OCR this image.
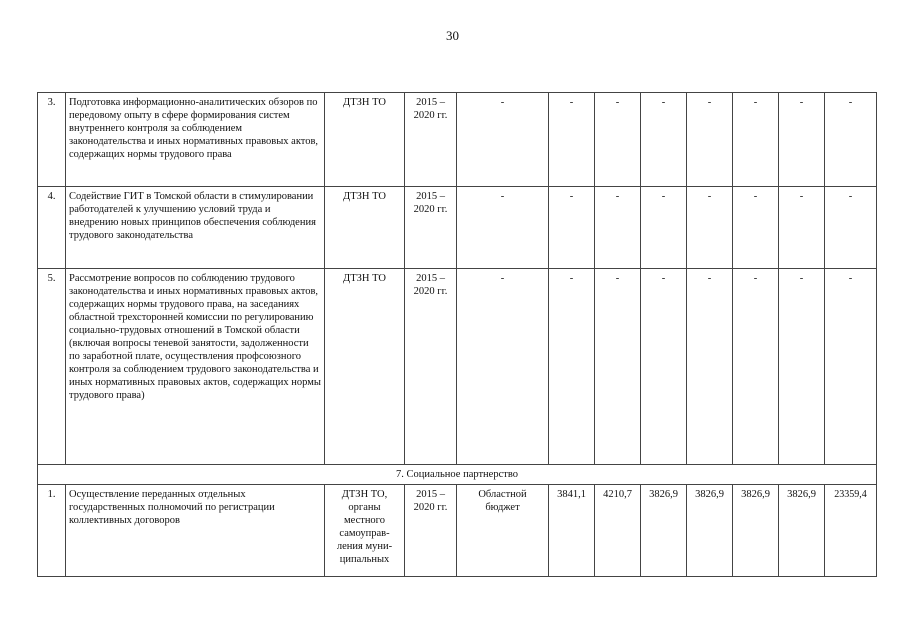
30
3.	Подготовка информационно-аналитических обзоров по передовому опыту в сфере формирования систем внутреннего контроля за соблюдением законодательства и иных нормативных правовых актов, содержащих нормы трудового права	ДТЗН ТО	2015 –
2020 гг.	-	-	-	-	-	-	-	-
4.	Содействие ГИТ в Томской области в стимулировании работодателей к улучшению условий труда и внедрению новых принципов обеспечения соблюдения трудового законодательства	ДТЗН ТО	2015 –
2020 гг.	-	-	-	-	-	-	-	-
5.	Рассмотрение вопросов по соблюдению трудового законодательства и иных нормативных правовых актов, содержащих нормы трудового права, на заседаниях областной трехсторонней комиссии по регулированию социально-трудовых отношений в Томской области (включая вопросы теневой занятости, задолженности по заработной плате, осуществления профсоюзного контроля за соблюдением трудового законодательства и иных нормативных правовых актов, содержащих нормы трудового права)	ДТЗН ТО	2015 –
2020 гг.	-	-	-	-	-	-	-	-
7. Социальное партнерство											
1.	Осуществление переданных отдельных государственных полномочий по регистрации коллективных договоров	ДТЗН ТО, органы местного самоуправ-ления муни-ципальных	2015 –
2020 гг.	Областной бюджет	3841,1	4210,7	3826,9	3826,9	3826,9	3826,9	23359,4
